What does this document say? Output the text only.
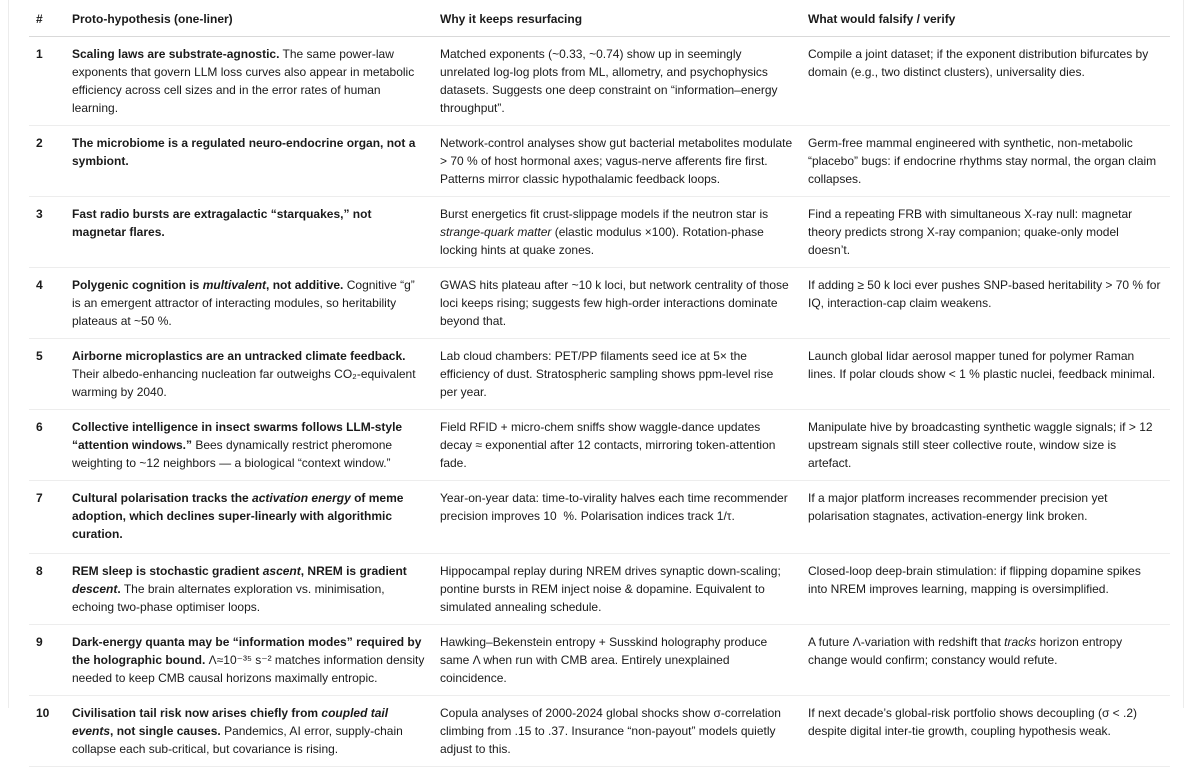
#	Proto-hypothesis (one-liner)	Why it keeps resurfacing	What would falsify / verify
1	Scaling laws are substrate-agnostic. The same power-law exponents that govern LLM loss curves also appear in metabolic efficiency across cell sizes and in the error rates of human learning.	Matched exponents (~0.33, ~0.74) show up in seemingly unrelated log-log plots from ML, allometry, and psychophysics datasets. Suggests one deep constraint on “information–energy throughput”.	Compile a joint dataset; if the exponent distribution bifurcates by domain (e.g., two distinct clusters), universality dies.
2	The microbiome is a regulated neuro-endocrine organ, not a symbiont.	Network-control analyses show gut bacterial metabolites modulate > 70 % of host hormonal axes; vagus-nerve afferents fire first. Patterns mirror classic hypothalamic feedback loops.	Germ-free mammal engineered with synthetic, non-metabolic “placebo” bugs: if endocrine rhythms stay normal, the organ claim collapses.
3	Fast radio bursts are extragalactic “starquakes,” not magnetar flares.	Burst energetics fit crust-slippage models if the neutron star is strange-quark matter (elastic modulus ×100). Rotation-phase locking hints at quake zones.	Find a repeating FRB with simultaneous X-ray null: magnetar theory predicts strong X-ray companion; quake-only model doesn’t.
4	Polygenic cognition is multivalent, not additive. Cognitive “g” is an emergent attractor of interacting modules, so heritability plateaus at ~50 %.	GWAS hits plateau after ~10 k loci, but network centrality of those loci keeps rising; suggests few high-order interactions dominate beyond that.	If adding ≥ 50 k loci ever pushes SNP-based heritability > 70 % for IQ, interaction-cap claim weakens.
5	Airborne microplastics are an untracked climate feedback. Their albedo-enhancing nucleation far outweighs CO₂-equivalent warming by 2040.	Lab cloud chambers: PET/PP filaments seed ice at 5× the efficiency of dust. Stratospheric sampling shows ppm-level rise per year.	Launch global lidar aerosol mapper tuned for polymer Raman lines. If polar clouds show < 1 % plastic nuclei, feedback minimal.
6	Collective intelligence in insect swarms follows LLM-style “attention windows.” Bees dynamically restrict pheromone weighting to ~12 neighbors — a biological “context window.”	Field RFID + micro-chem sniffs show waggle-dance updates decay ≈ exponential after 12 contacts, mirroring token-attention fade.	Manipulate hive by broadcasting synthetic waggle signals; if > 12 upstream signals still steer collective route, window size is artefact.
7	Cultural polarisation tracks the activation energy of meme adoption, which declines super-linearly with algorithmic curation.	Year-on-year data: time-to-virality halves each time recommender precision improves 10  %. Polarisation indices track 1/τ.	If a major platform increases recommender precision yet polarisation stagnates, activation-energy link broken.
8	REM sleep is stochastic gradient ascent, NREM is gradient descent. The brain alternates exploration vs. minimisation, echoing two-phase optimiser loops.	Hippocampal replay during NREM drives synaptic down-scaling; pontine bursts in REM inject noise & dopamine. Equivalent to simulated annealing schedule.	Closed-loop deep-brain stimulation: if flipping dopamine spikes into NREM improves learning, mapping is oversimplified.
9	Dark-energy quanta may be “information modes” required by the holographic bound. Λ≈10⁻³⁵ s⁻² matches information density needed to keep CMB causal horizons maximally entropic.	Hawking–Bekenstein entropy + Susskind holography produce same Λ when run with CMB area. Entirely unexplained coincidence.	A future Λ-variation with redshift that tracks horizon entropy change would confirm; constancy would refute.
10	Civilisation tail risk now arises chiefly from coupled tail events, not single causes. Pandemics, AI error, supply-chain collapse each sub-critical, but covariance is rising.	Copula analyses of 2000-2024 global shocks show σ-correlation climbing from .15 to .37. Insurance “non-payout” models quietly adjust to this.	If next decade’s global-risk portfolio shows decoupling (σ < .2) despite digital inter-tie growth, coupling hypothesis weak.
